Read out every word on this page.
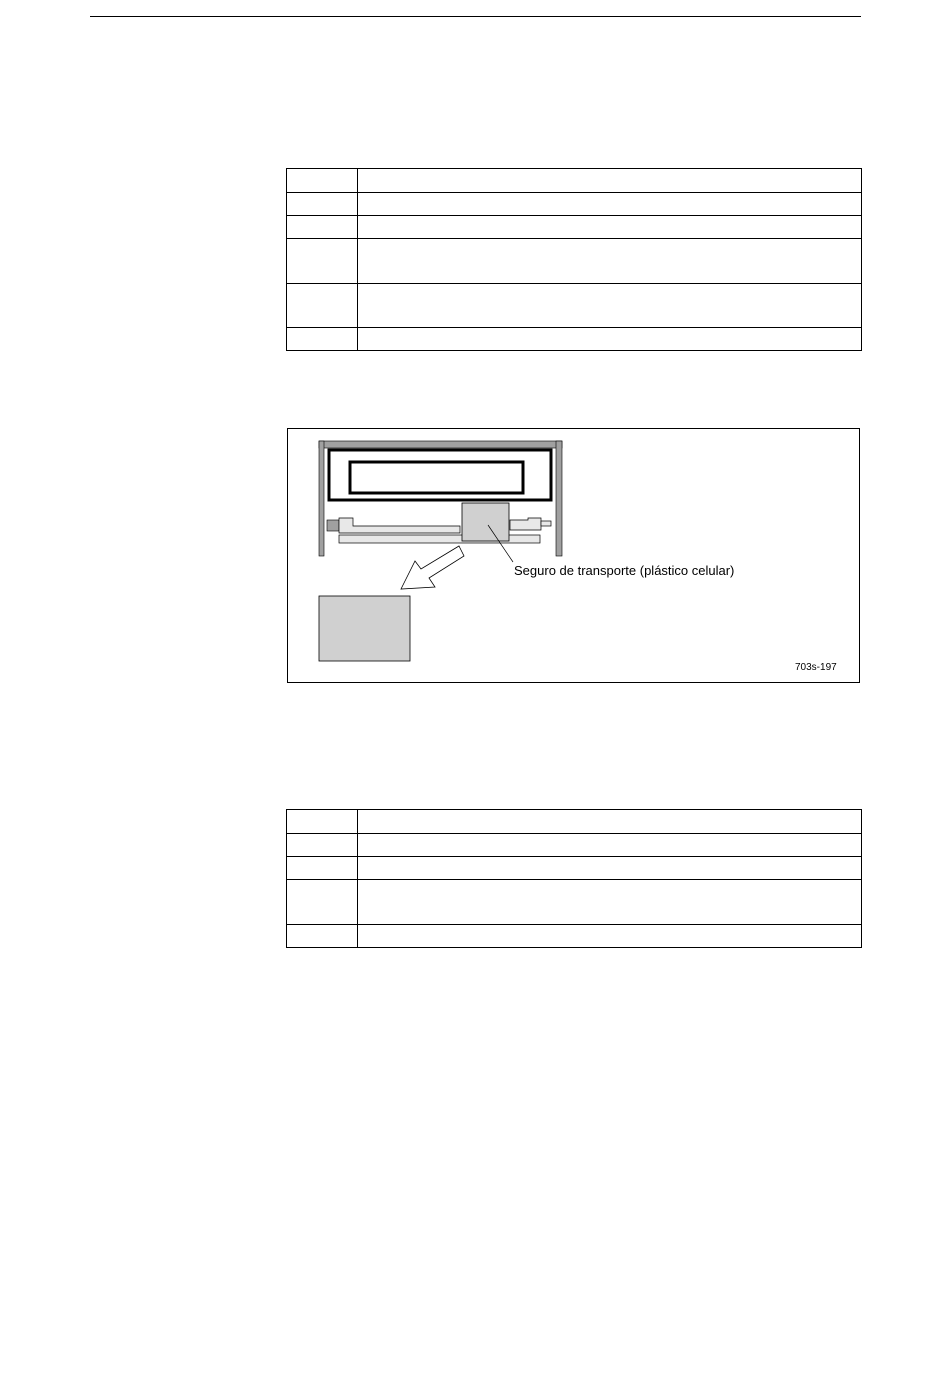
Seguro de transporte (plástico celular)
703s-197
